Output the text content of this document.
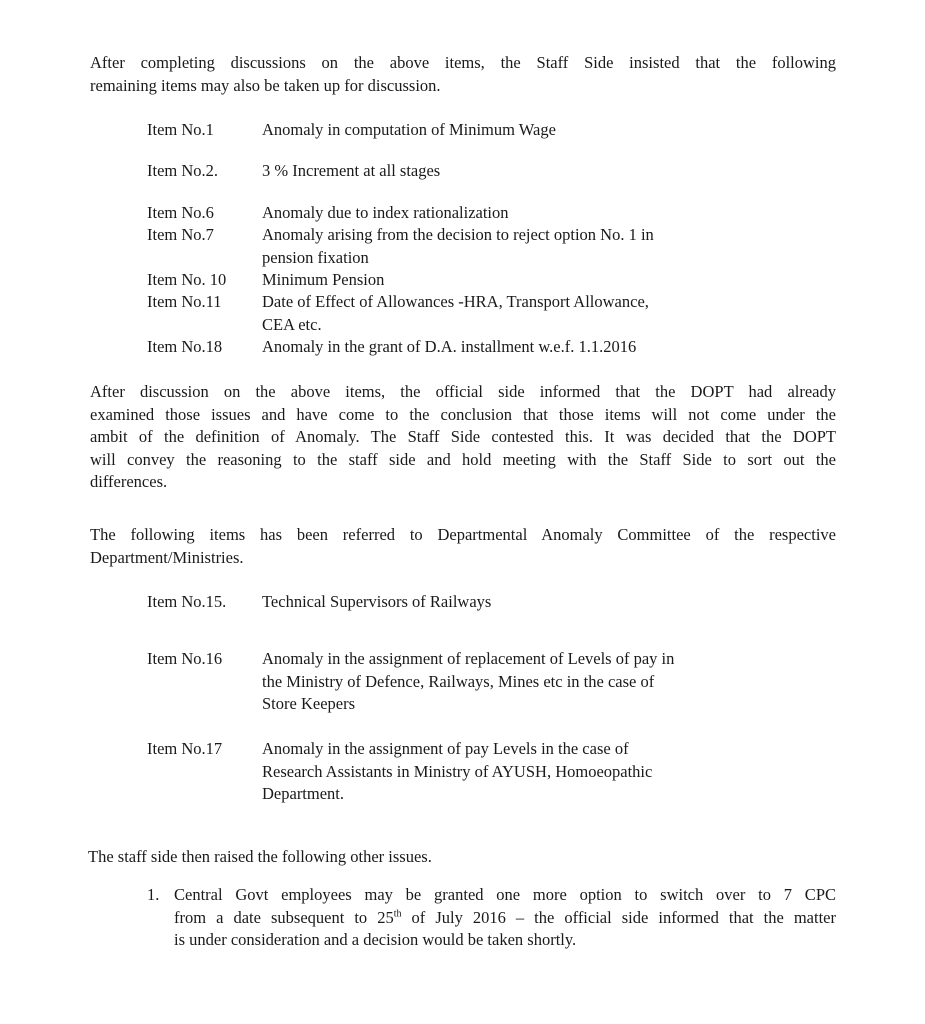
After completing discussions on the above items, the Staff Side insisted that the following
remaining items may also be taken up for discussion.
Item No.1	Anomaly in computation of Minimum Wage
Item No.2.	3 % Increment at all stages
Item No.6	Anomaly due to index rationalization
Item No.7	Anomaly arising from the decision to reject option No. 1 in
pension fixation
Item No. 10	Minimum Pension
Item No.11	Date of Effect of Allowances -HRA, Transport Allowance,
CEA etc.
Item No.18	Anomaly in the grant of D.A. installment w.e.f. 1.1.2016
After discussion on the above items, the official side informed that the DOPT had already
examined those issues and have come to the conclusion that those items will not come under the
ambit of the definition of Anomaly. The Staff Side contested this. It was decided that the DOPT
will convey the reasoning to the staff side and hold meeting with the Staff Side to sort out the
differences.
The following items has been referred to Departmental Anomaly Committee of the respective
Department/Ministries.
Item No.15.	Technical Supervisors of Railways
Item No.16	Anomaly in the assignment of replacement of Levels of pay in
the Ministry of Defence, Railways, Mines etc in the case of
Store Keepers
Item No.17	Anomaly in the assignment of pay Levels in the case of
Research Assistants in Ministry of AYUSH, Homoeopathic
Department.
The staff side then raised the following other issues.
1. Central Govt employees may be granted one more option to switch over to 7 CPC
from a date subsequent to 25th of July 2016 – the official side informed that the matter
is under consideration and a decision would be taken shortly.
